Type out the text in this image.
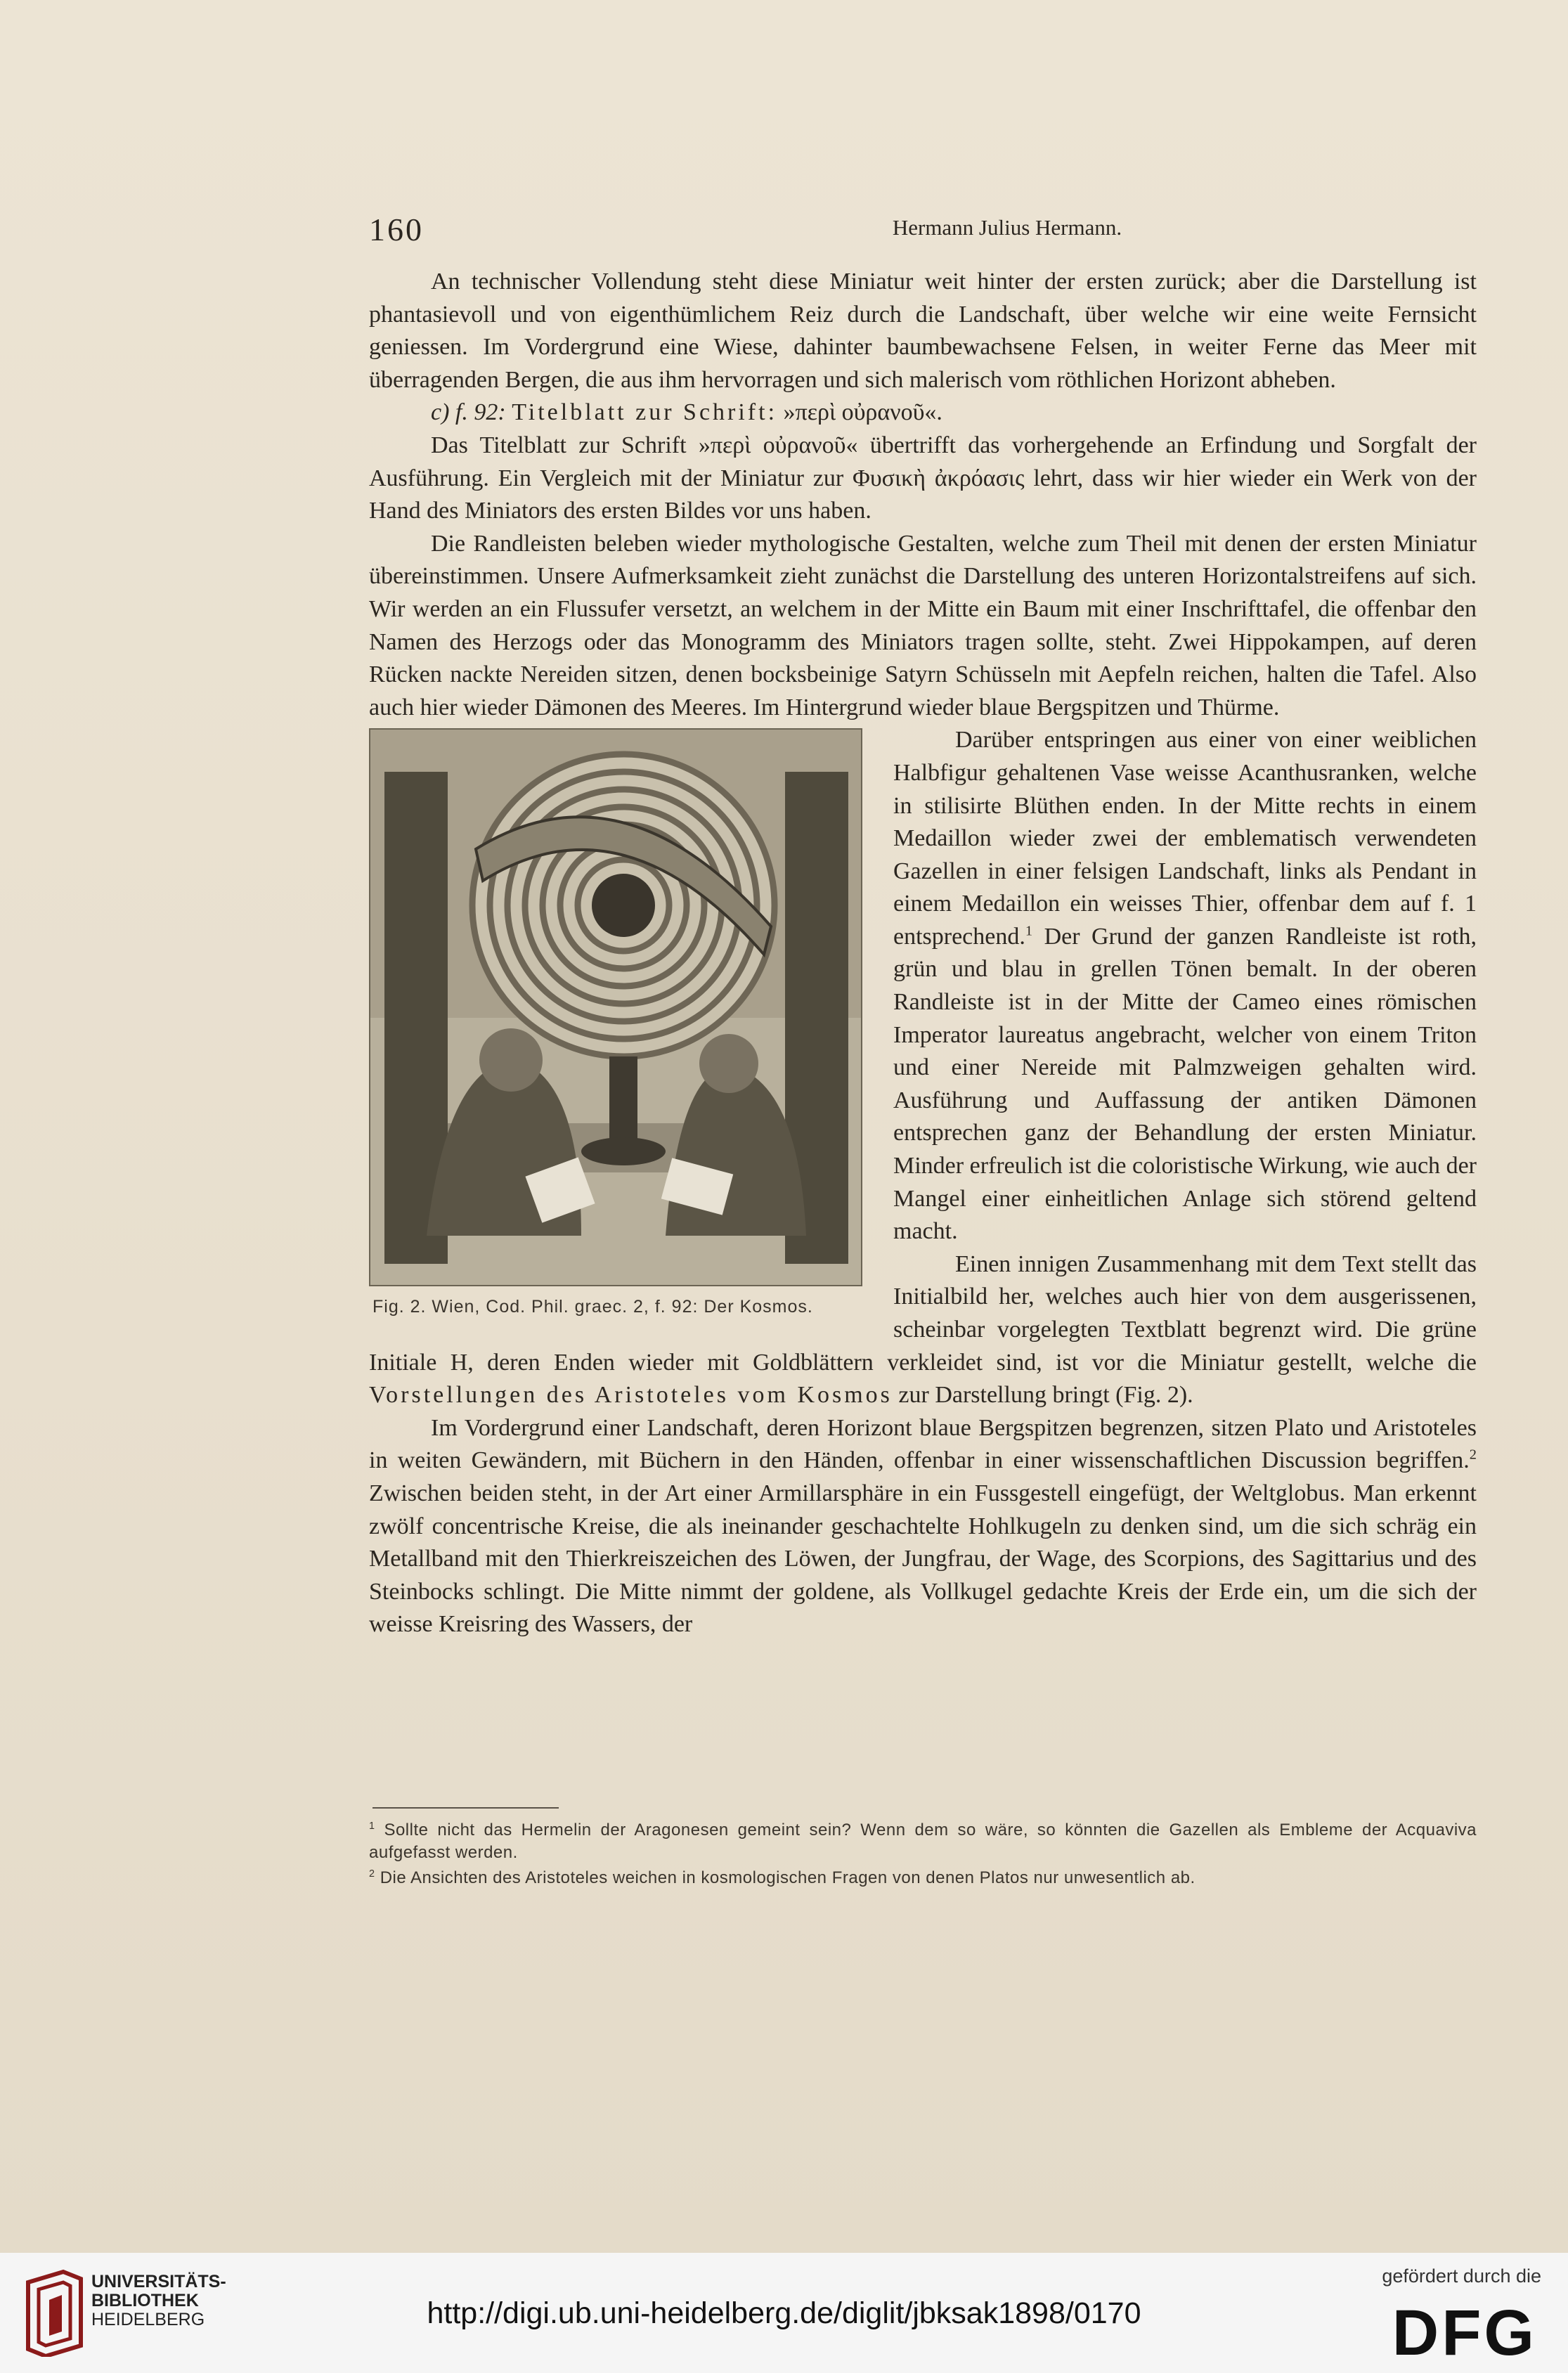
160	Hermann Julius Hermann.

An technischer Vollendung steht diese Miniatur weit hinter der ersten zurück; aber die Darstellung ist phantasievoll und von eigenthümlichem Reiz durch die Landschaft, über welche wir eine weite Fernsicht geniessen. Im Vordergrund eine Wiese, dahinter baumbewachsene Felsen, in weiter Ferne das Meer mit überragenden Bergen, die aus ihm hervorragen und sich malerisch vom röthlichen Horizont abheben.

c) f. 92: Titelblatt zur Schrift: »περὶ οὐρανοῦ«.

Das Titelblatt zur Schrift »περὶ οὐρανοῦ« übertrifft das vorhergehende an Erfindung und Sorgfalt der Ausführung. Ein Vergleich mit der Miniatur zur Φυσικὴ ἀκρόασις lehrt, dass wir hier wieder ein Werk von der Hand des Miniators des ersten Bildes vor uns haben.

Die Randleisten beleben wieder mythologische Gestalten, welche zum Theil mit denen der ersten Miniatur übereinstimmen. Unsere Aufmerksamkeit zieht zunächst die Darstellung des unteren Horizontalstreifens auf sich. Wir werden an ein Flussufer versetzt, an welchem in der Mitte ein Baum mit einer Inschrifttafel, die offenbar den Namen des Herzogs oder das Monogramm des Miniators tragen sollte, steht. Zwei Hippokampen, auf deren Rücken nackte Nereiden sitzen, denen bocksbeinige Satyrn Schüsseln mit Aepfeln reichen, halten die Tafel. Also auch hier wieder Dämonen des Meeres. Im Hintergrund wieder blaue Bergspitzen und Thürme.

Fig. 2. Wien, Cod. Phil. graec. 2, f. 92: Der Kosmos.

Darüber entspringen aus einer von einer weiblichen Halbfigur gehaltenen Vase weisse Acanthusranken, welche in stilisirte Blüthen enden. In der Mitte rechts in einem Medaillon wieder zwei der emblematisch verwendeten Gazellen in einer felsigen Landschaft, links als Pendant in einem Medaillon ein weisses Thier, offenbar dem auf f. 1 entsprechend.$^1$ Der Grund der ganzen Randleiste ist roth, grün und blau in grellen Tönen bemalt. In der oberen Randleiste ist in der Mitte der Cameo eines römischen Imperator laureatus angebracht, welcher von einem Triton und einer Nereide mit Palmzweigen gehalten wird. Ausführung und Auffassung der antiken Dämonen entsprechen ganz der Behandlung der ersten Miniatur. Minder erfreulich ist die coloristische Wirkung, wie auch der Mangel einer einheitlichen Anlage sich störend geltend macht.

Einen innigen Zusammenhang mit dem Text stellt das Initialbild her, welches auch hier von dem ausgerissenen, scheinbar vorgelegten Textblatt begrenzt wird. Die grüne Initiale H, deren Enden wieder mit Goldblättern verkleidet sind, ist vor die Miniatur gestellt, welche die Vorstellungen des Aristoteles vom Kosmos zur Darstellung bringt (Fig. 2).

Im Vordergrund einer Landschaft, deren Horizont blaue Bergspitzen begrenzen, sitzen Plato und Aristoteles in weiten Gewändern, mit Büchern in den Händen, offenbar in einer wissenschaftlichen Discussion begriffen.$^2$ Zwischen beiden steht, in der Art einer Armillarsphäre in ein Fussgestell eingefügt, der Weltglobus. Man erkennt zwölf concentrische Kreise, die als ineinander geschachtelte Hohlkugeln zu denken sind, um die sich schräg ein Metallband mit den Thierkreiszeichen des Löwen, der Jungfrau, der Wage, des Scorpions, des Sagittarius und des Steinbocks schlingt. Die Mitte nimmt der goldene, als Vollkugel gedachte Kreis der Erde ein, um die sich der weisse Kreisring des Wassers, der

$^1$ Sollte nicht das Hermelin der Aragonesen gemeint sein? Wenn dem so wäre, so könnten die Gazellen als Embleme der Acquaviva aufgefasst werden.
$^2$ Die Ansichten des Aristoteles weichen in kosmologischen Fragen von denen Platos nur unwesentlich ab.
UNIVERSITÄTS-
BIBLIOTHEK
HEIDELBERG	http://digi.ub.uni-heidelberg.de/diglit/jbksak1898/0170
gefördert durch die
DFG
